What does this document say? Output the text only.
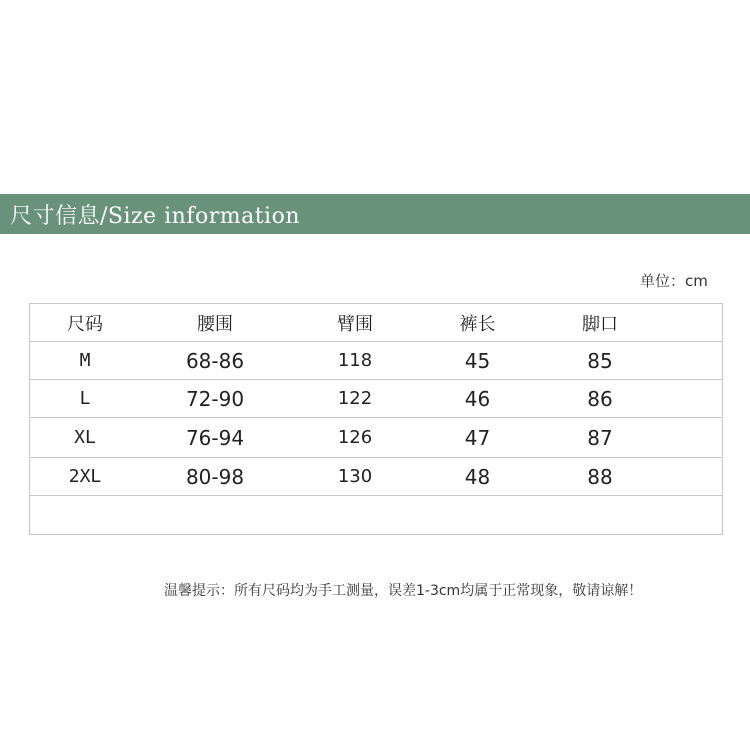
尺寸信息/Size information
单位：cm
尺码	腰围	臂围	裤长	脚口
M	68-86	118	45	85
L	72-90	122	46	86
XL	76-94	126	47	87
2XL	80-98	130	48	88
温馨提示：所有尺码均为手工测量，误差1-3cm均属于正常现象，敬请谅解！
